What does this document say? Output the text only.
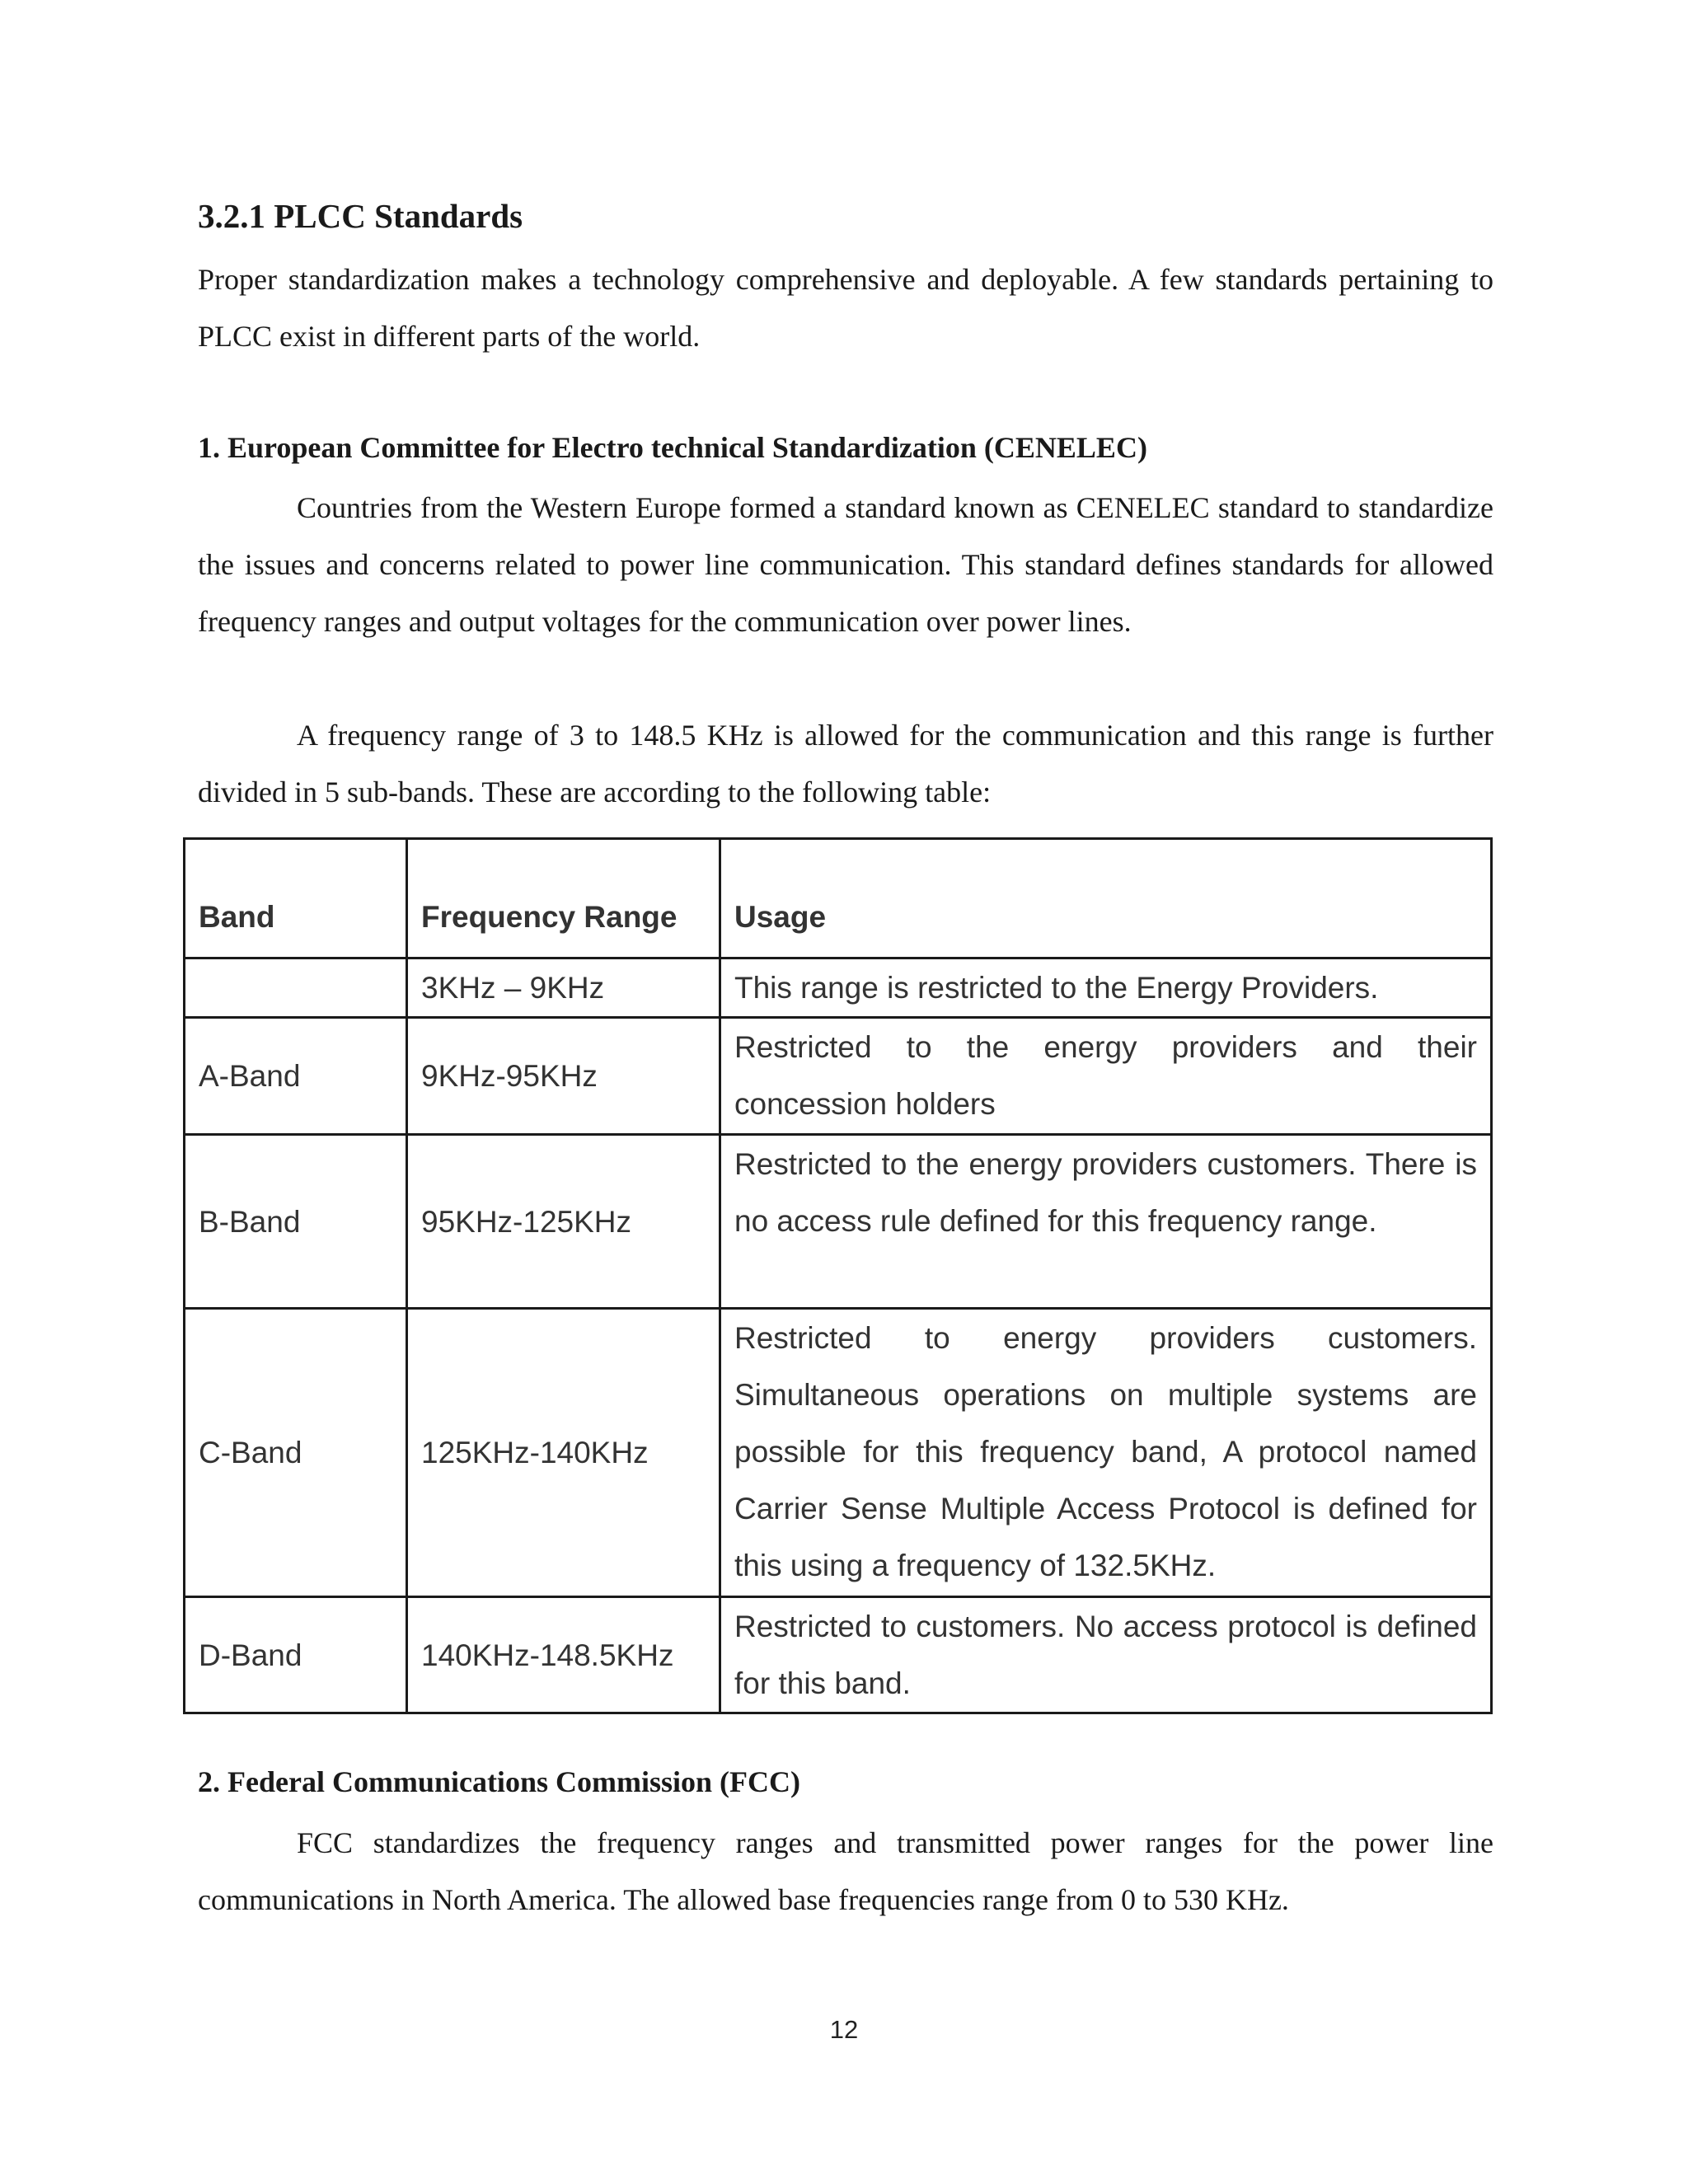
3.2.1 PLCC Standards

Proper standardization makes a technology comprehensive and deployable. A few standards pertaining to PLCC exist in different parts of the world.

1. European Committee for Electro technical Standardization (CENELEC)

Countries from the Western Europe formed a standard known as CENELEC standard to standardize the issues and concerns related to power line communication. This standard defines standards for allowed frequency ranges and output voltages for the communication over power lines.

A frequency range of 3 to 148.5 KHz is allowed for the communication and this range is further divided in 5 sub-bands. These are according to the following table:

Band	Frequency Range	Usage
	3KHz – 9KHz	This range is restricted to the Energy Providers.
A-Band	9KHz-95KHz	Restricted to the energy providers and their concession holders
B-Band	95KHz-125KHz	Restricted to the energy providers customers. There is no access rule defined for this frequency range.
C-Band	125KHz-140KHz	Restricted to energy providers customers. Simultaneous operations on multiple systems are possible for this frequency band, A protocol named Carrier Sense Multiple Access Protocol is defined for this using a frequency of 132.5KHz.
D-Band	140KHz-148.5KHz	Restricted to customers. No access protocol is defined for this band.
2. Federal Communications Commission (FCC)

FCC standardizes the frequency ranges and transmitted power ranges for the power line communications in North America. The allowed base frequencies range from 0 to 530 KHz.

12
